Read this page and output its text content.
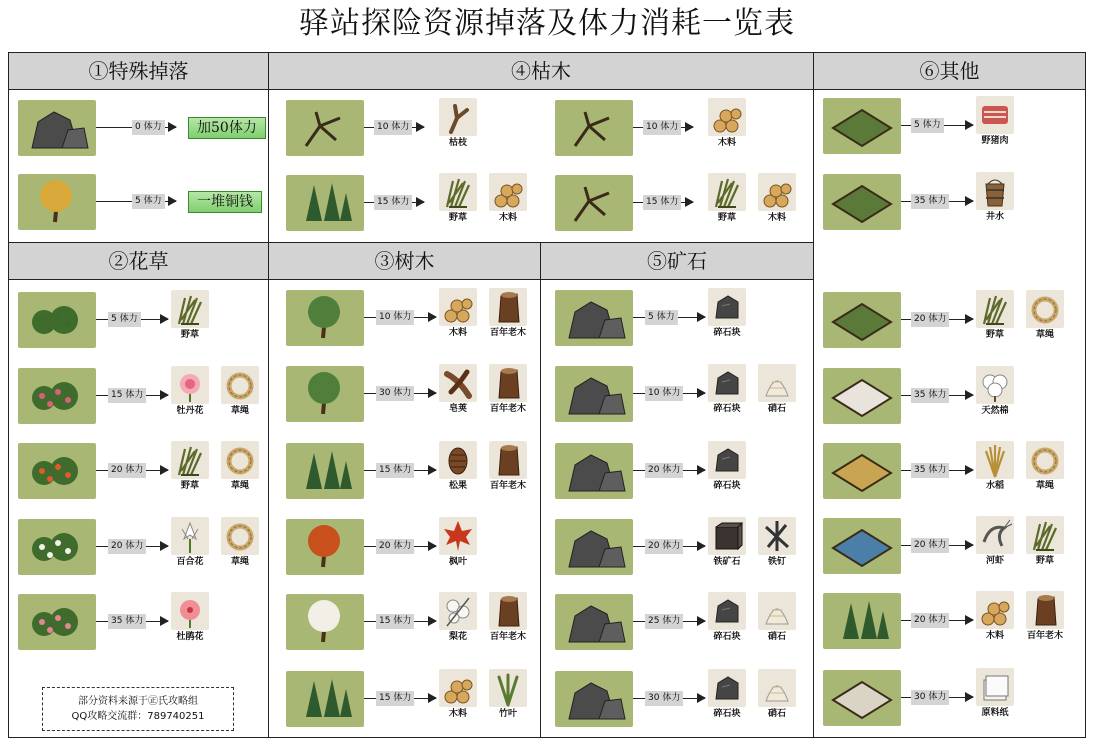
驿站探险资源掉落及体力消耗一览表
①特殊掉落	④枯木	⑥其他
②花草	③树木	⑤矿石
0 体力	加50体力
5 体力	一堆铜钱
10 体力
枯枝
15 体力
野草	木料
10 体力
木料
15 体力
野草	木料
5 体力
野猪肉
35 体力
井水
20 体力
野草	草绳
35 体力
天然棉
35 体力
水稻	草绳
20 体力
河虾	野草
20 体力
木料	百年老木
30 体力
原料纸
5 体力
野草
15 体力
牡丹花	草绳
20 体力
野草	草绳
20 体力
百合花	草绳
35 体力
杜鹃花
10 体力
木料	百年老木
30 体力
皂荚	百年老木
15 体力
松果	百年老木
20 体力
枫叶
15 体力
梨花	百年老木
15 体力
木料	竹叶
5 体力
碎石块
10 体力
碎石块	硝石
20 体力
碎石块
20 体力
铁矿石	铁钉
25 体力
碎石块	硝石
30 体力
碎石块	硝石
部分资料来源于㊣氏攻略组
QQ攻略交流群：789740251
